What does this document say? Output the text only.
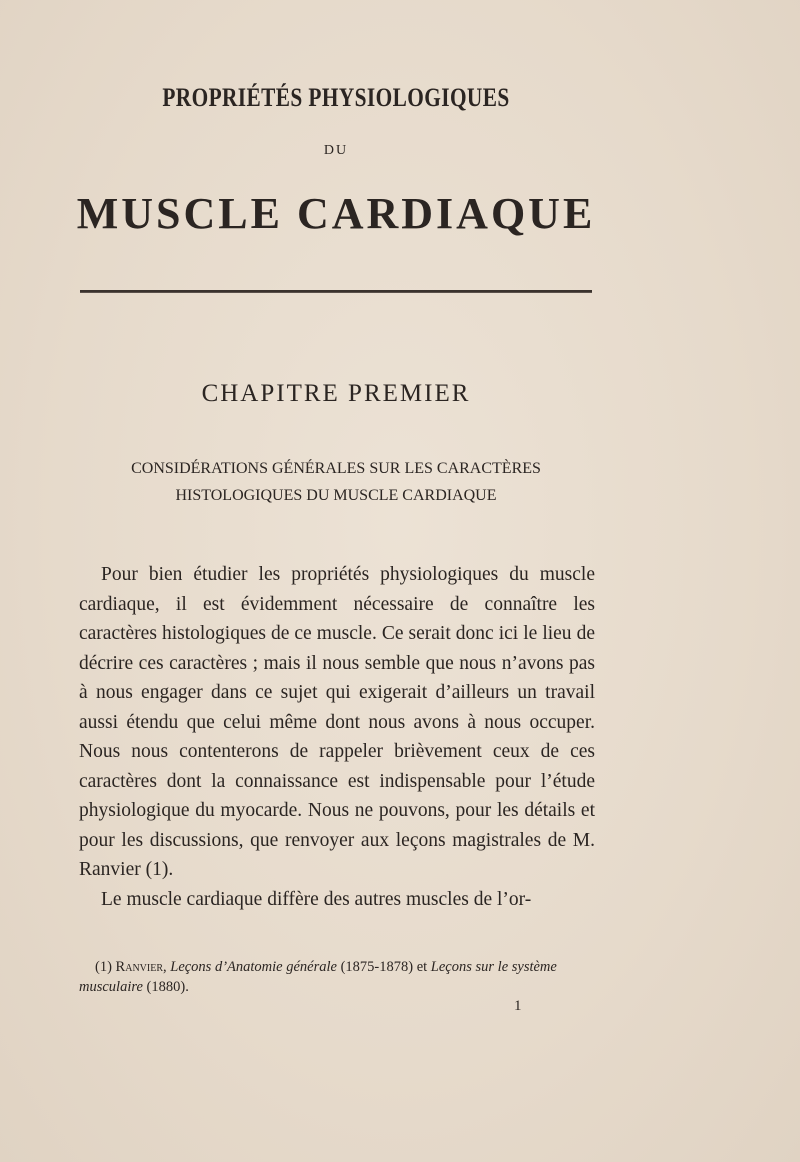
PROPRIÉTÉS PHYSIOLOGIQUES
DU
MUSCLE CARDIAQUE
CHAPITRE PREMIER
CONSIDÉRATIONS GÉNÉRALES SUR LES CARACTÈRES
HISTOLOGIQUES DU MUSCLE CARDIAQUE

Pour bien étudier les propriétés physiologiques du muscle cardiaque, il est évidemment nécessaire de connaître les caractères histologiques de ce muscle. Ce serait donc ici le lieu de décrire ces caractères ; mais il nous semble que nous n’avons pas à nous engager dans ce sujet qui exigerait d’ailleurs un travail aussi étendu que celui même dont nous avons à nous occuper. Nous nous contenterons de rappeler brièvement ceux de ces caractères dont la connaissance est indispensable pour l’étude physiologique du myocarde. Nous ne pouvons, pour les détails et pour les discussions, que renvoyer aux leçons magistrales de M. Ranvier (1).

Le muscle cardiaque diffère des autres muscles de l’or-

(1) Ranvier, Leçons d’Anatomie générale (1875-1878) et Leçons sur le système musculaire (1880).

1
